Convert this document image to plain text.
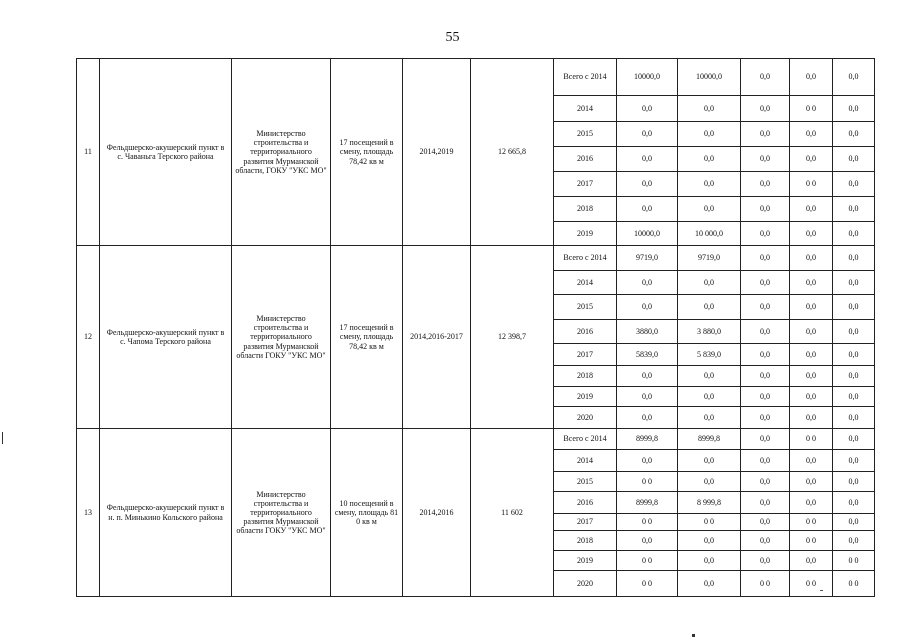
55
11	Фельдшерско-акушерский пункт в с. Чаваньга Терского района	Министерство строительства и территориального развития Мурманской области, ГОКУ "УКС МО"	17 посещений в смену, площадь 78,42 кв м	2014,2019	12 665,8	Всего с 2014	10000,0	10000,0	0,0	0,0	0,0
						2014	0,0	0,0	0,0	0 0	0,0
						2015	0,0	0,0	0,0	0,0	0,0
						2016	0,0	0,0	0,0	0,0	0,0
						2017	0,0	0,0	0,0	0 0	0,0
						2018	0,0	0,0	0,0	0,0	0,0
						2019	10000,0	10 000,0	0,0	0,0	0,0
12	Фельдшерско-акушерский пункт в с. Чапома Терского района	Министерство строительства и территориального развития Мурманской области ГОКУ "УКС МО"	17 посещений в смену, площадь 78,42 кв м	2014,2016-2017	12 398,7	Всего с 2014	9719,0	9719,0	0,0	0,0	0,0
						2014	0,0	0,0	0,0	0,0	0,0
						2015	0,0	0,0	0,0	0,0	0,0
						2016	3880,0	3 880,0	0,0	0,0	0,0
						2017	5839,0	5 839,0	0,0	0,0	0,0
						2018	0,0	0,0	0,0	0,0	0,0
						2019	0,0	0,0	0,0	0,0	0,0
						2020	0,0	0,0	0,0	0,0	0,0
13	Фельдшерско-акушерский пункт в н. п. Минькино Кольского района	Министерство строительства и территориального развития Мурманской области ГОКУ "УКС МО"	10 посещений в смену, площадь 81 0 кв м	2014,2016	11 602	Всего с 2014	8999,8	8999,8	0,0	0 0	0,0
						2014	0,0	0,0	0,0	0,0	0,0
						2015	0 0	0,0	0,0	0,0	0,0
						2016	8999,8	8 999,8	0,0	0,0	0,0
						2017	0 0	0 0	0,0	0 0	0,0
						2018	0,0	0,0	0,0	0 0	0,0
						2019	0 0	0,0	0,0	0,0	0 0
						2020	0 0	0,0	0 0	0 0	0 0
